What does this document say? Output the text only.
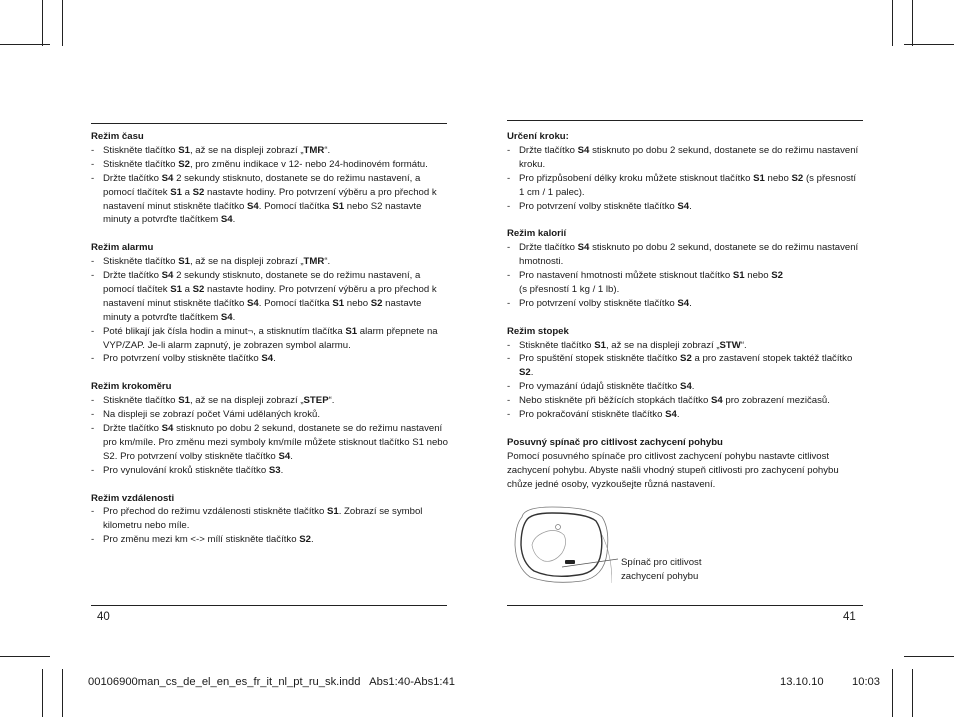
Režim času
- Stiskněte tlačítko S1, až se na displeji zobrazí „TMR“.
- Stiskněte tlačítko S2, pro změnu indikace v 12- nebo 24-hodinovém formátu.
- Držte tlačítko S4 2 sekundy stisknuto, dostanete se do režimu nastavení, a pomocí tlačítek S1 a S2 nastavte hodiny. Pro potvrzení výběru a pro přechod k nastavení minut stiskněte tlačítko S4. Pomocí tlačítka S1 nebo S2 nastavte minuty a potvrďte tlačítkem S4.
Režim alarmu
- Stiskněte tlačítko S1, až se na displeji zobrazí „TMR“.
- Držte tlačítko S4 2 sekundy stisknuto, dostanete se do režimu nastavení, a pomocí tlačítek S1 a S2 nastavte hodiny. Pro potvrzení výběru a pro přechod k nastavení minut stiskněte tlačítko S4. Pomocí tlačítka S1 nebo S2 nastavte minuty a potvrďte tlačítkem S4.
- Poté blikají jak čísla hodin a minut¬, a stisknutím tlačítka S1 alarm přepnete na VYP/ZAP. Je-li alarm zapnutý, je zobrazen symbol alarmu.
- Pro potvrzení volby stiskněte tlačítko S4.
Režim krokoměru
- Stiskněte tlačítko S1, až se na displeji zobrazí „STEP“.
- Na displeji se zobrazí počet Vámi udělaných kroků.
- Držte tlačítko S4 stisknuto po dobu 2 sekund, dostanete se do režimu nastavení pro km/míle. Pro změnu mezi symboly km/míle můžete stisknout tlačítko S1 nebo S2. Pro potvrzení volby stiskněte tlačítko S4.
- Pro vynulování kroků stiskněte tlačítko S3.
Režim vzdálenosti
- Pro přechod do režimu vzdálenosti stiskněte tlačítko S1. Zobrazí se symbol kilometru nebo míle.
- Pro změnu mezi km <-> mílí stiskněte tlačítko S2.
Určení kroku:
- Držte tlačítko S4 stisknuto po dobu 2 sekund, dostanete se do režimu nastavení kroku.
- Pro přizpůsobení délky kroku můžete stisknout tlačítko S1 nebo S2 (s přesností 1 cm / 1 palec).
- Pro potvrzení volby stiskněte tlačítko S4.
Režim kalorií
- Držte tlačítko S4 stisknuto po dobu 2 sekund, dostanete se do režimu nastavení hmotnosti.
- Pro nastavení hmotnosti můžete stisknout tlačítko S1 nebo S2
(s přesností 1 kg / 1 lb).
- Pro potvrzení volby stiskněte tlačítko S4.
Režim stopek
- Stiskněte tlačítko S1, až se na displeji zobrazí „STW“.
- Pro spuštění stopek stiskněte tlačítko S2 a pro zastavení stopek taktéž tlačítko S2.
- Pro vymazání údajů stiskněte tlačítko S4.
- Nebo stiskněte při běžících stopkách tlačítko S4 pro zobrazení mezičasů.
- Pro pokračování stiskněte tlačítko S4.
Posuvný spínač pro citlivost zachycení pohybu

Pomocí posuvného spínače pro citlivost zachycení pohybu nastavte citlivost zachycení pohybu. Abyste našli vhodný stupeň citlivosti pro zachycení pohybu chůze jedné osoby, vyzkoušejte různá nastavení.

Spínač pro citlivost
zachycení pohybu
40	41
00106900man_cs_de_el_en_es_fr_it_nl_pt_ru_sk.indd   Abs1:40-Abs1:41	13.10.10	10:03
